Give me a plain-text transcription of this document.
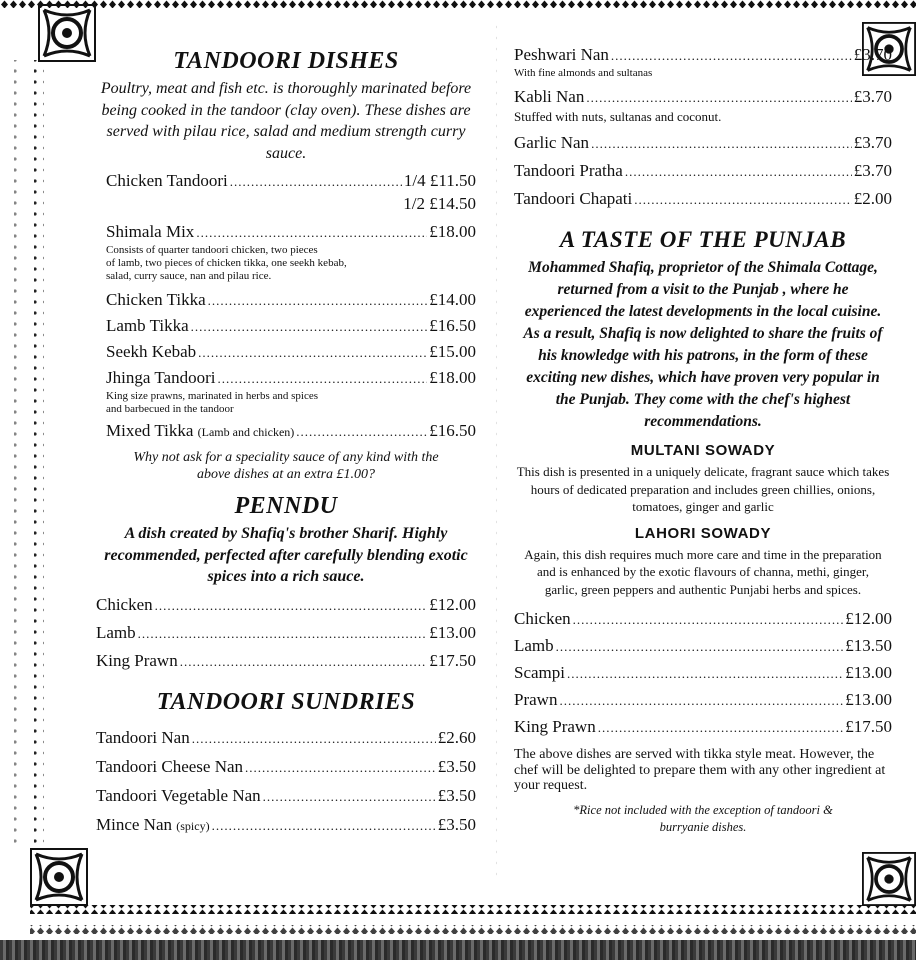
TANDOORI DISHES

Poultry, meat and fish etc. is thoroughly marinated before being cooked in the tandoor (clay oven). These dishes are served with pilau rice, salad and medium strength curry sauce.

Chicken Tandoori .....	1/4 £11.50
1/2 £14.50
Shimala Mix .....	£18.00
Consists of quarter tandoori chicken, two pieces
of lamb, two pieces of chicken tikka, one seekh kebab,
salad, curry sauce, nan and pilau rice.
Chicken Tikka .....	£14.00
Lamb Tikka .....	£16.50
Seekh Kebab .....	£15.00
Jhinga Tandoori .....	£18.00
King size prawns, marinated in herbs and spices
and barbecued in the tandoor
Mixed Tikka (Lamb and chicken) .....	£16.50

Why not ask for a speciality sauce of any kind with the above dishes at an extra £1.00?

PENNDU

A dish created by Shafiq's brother Sharif. Highly recommended, perfected after carefully blending exotic spices into a rich sauce.

Chicken .....	£12.00
Lamb .....	£13.00
King Prawn .....	£17.50
TANDOORI SUNDRIES
Tandoori Nan .....	£2.60
Tandoori Cheese Nan .....	£3.50
Tandoori Vegetable Nan .....	£3.50
Mince Nan (spicy) .....	£3.50
Peshwari Nan .....	£3.70
With fine almonds and sultanas
Kabli Nan .....	£3.70
Stuffed with nuts, sultanas and coconut.
Garlic Nan .....	£3.70
Tandoori Pratha .....	£3.70
Tandoori Chapati .....	£2.00
A TASTE OF THE PUNJAB

Mohammed Shafiq, proprietor of the Shimala Cottage, returned from a visit to the Punjab , where he experienced the latest developments in the local cuisine. As a result, Shafiq is now delighted to share the fruits of his knowledge with his patrons, in the form of these exciting new dishes, which have proven very popular in the Punjab. They come with the chef's highest recommendations.

MULTANI SOWADY

This dish is presented in a uniquely delicate, fragrant sauce which takes hours of dedicated preparation and includes green chillies, onions, tomatoes, ginger and garlic

LAHORI SOWADY

Again, this dish requires much more care and time in the preparation and is enhanced by the exotic flavours of channa, methi, ginger, garlic, green peppers and authentic Punjabi herbs and spices.

Chicken .....	£12.00
Lamb .....	£13.50
Scampi .....	£13.00
Prawn .....	£13.00
King Prawn .....	£17.50

The above dishes are served with tikka style meat. However, the chef will be delighted to prepare them with any other ingredient at your request.

*Rice not included with the exception of tandoori & burryanie dishes.
